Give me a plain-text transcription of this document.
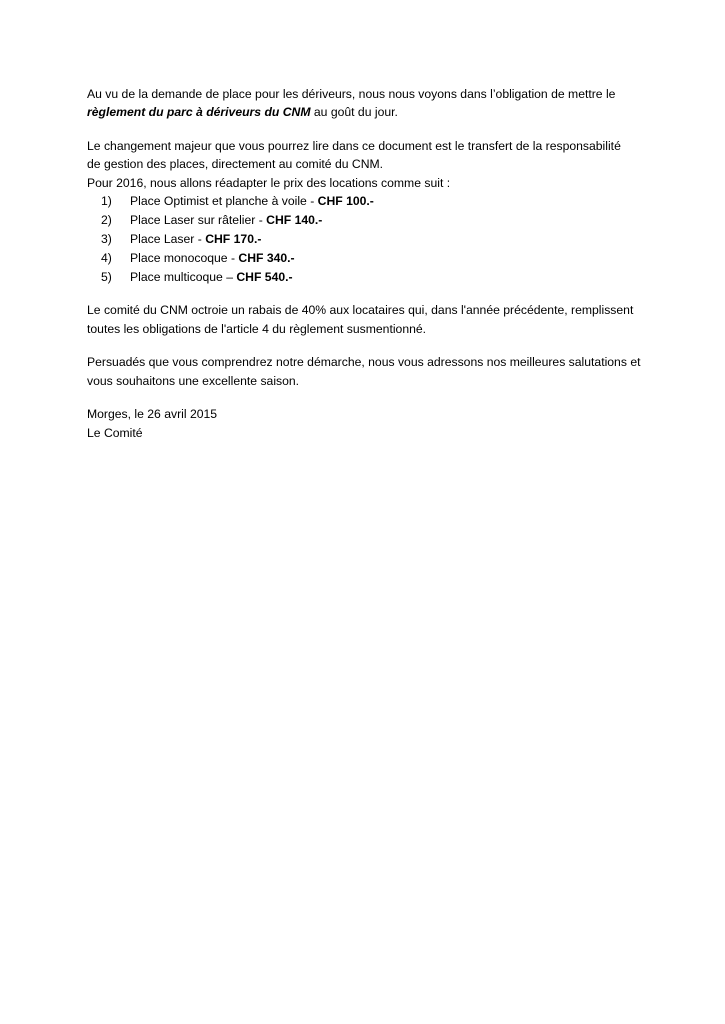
Au vu de la demande de place pour les dériveurs, nous nous voyons dans l’obligation de mettre le
règlement du parc à dériveurs du CNM au goût du jour.
Le changement majeur que vous pourrez lire dans ce document est le transfert de la responsabilité
de gestion des places, directement au comité du CNM.
Pour 2016, nous allons réadapter le prix des locations comme suit :
1) Place Optimist et planche à voile - CHF 100.-
2) Place Laser sur râtelier - CHF 140.-
3) Place Laser - CHF 170.-
4) Place monocoque - CHF 340.-
5) Place multicoque – CHF 540.-
Le comité du CNM octroie un rabais de 40% aux locataires qui, dans l'année précédente, remplissent
toutes les obligations de l'article 4 du règlement susmentionné.
Persuadés que vous comprendrez notre démarche, nous vous adressons nos meilleures salutations et
vous souhaitons une excellente saison.
Morges, le 26 avril 2015
Le Comité
